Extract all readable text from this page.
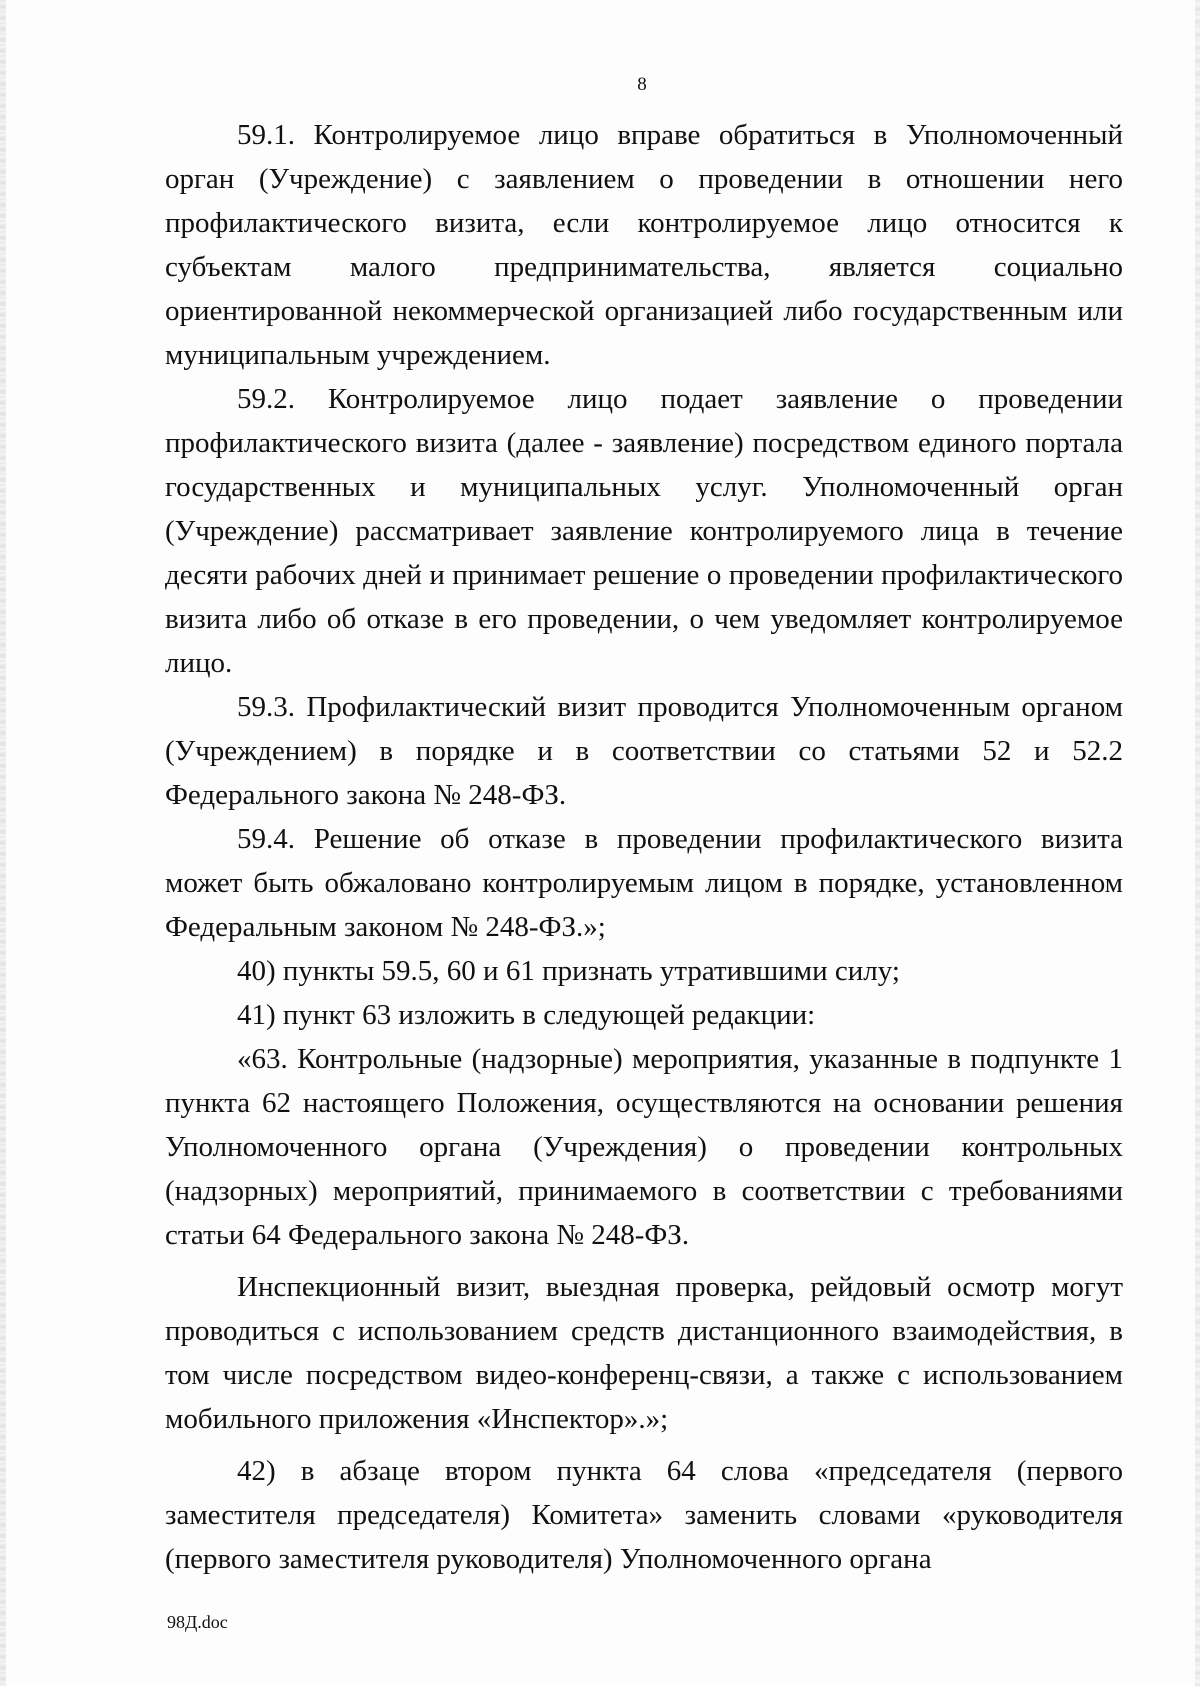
8

59.1. Контролируемое лицо вправе обратиться в Уполномоченный орган (Учреждение) с заявлением о проведении в отношении него профилактического визита, если контролируемое лицо относится к субъектам малого предпринимательства, является социально ориентированной некоммерческой организацией либо государственным или муниципальным учреждением.

59.2. Контролируемое лицо подает заявление о проведении профилактического визита (далее - заявление) посредством единого портала государственных и муниципальных услуг. Уполномоченный орган (Учреждение) рассматривает заявление контролируемого лица в течение десяти рабочих дней и принимает решение о проведении профилактического визита либо об отказе в его проведении, о чем уведомляет контролируемое лицо.

59.3. Профилактический визит проводится Уполномоченным органом (Учреждением) в порядке и в соответствии со статьями 52 и 52.2 Федерального закона № 248-ФЗ.

59.4. Решение об отказе в проведении профилактического визита может быть обжаловано контролируемым лицом в порядке, установленном Федеральным законом № 248-ФЗ.»;

40) пункты 59.5, 60 и 61 признать утратившими силу;

41) пункт 63 изложить в следующей редакции:

«63. Контрольные (надзорные) мероприятия, указанные в подпункте 1 пункта 62 настоящего Положения, осуществляются на основании решения Уполномоченного органа (Учреждения) о проведении контрольных (надзорных) мероприятий, принимаемого в соответствии с требованиями статьи 64 Федерального закона № 248-ФЗ.

Инспекционный визит, выездная проверка, рейдовый осмотр могут проводиться с использованием средств дистанционного взаимодействия, в том числе посредством видео-конференц-связи, а также с использованием мобильного приложения «Инспектор».»;

42) в абзаце втором пункта 64 слова «председателя (первого заместителя председателя) Комитета» заменить словами «руководителя (первого заместителя руководителя) Уполномоченного органа

98Д.doc
